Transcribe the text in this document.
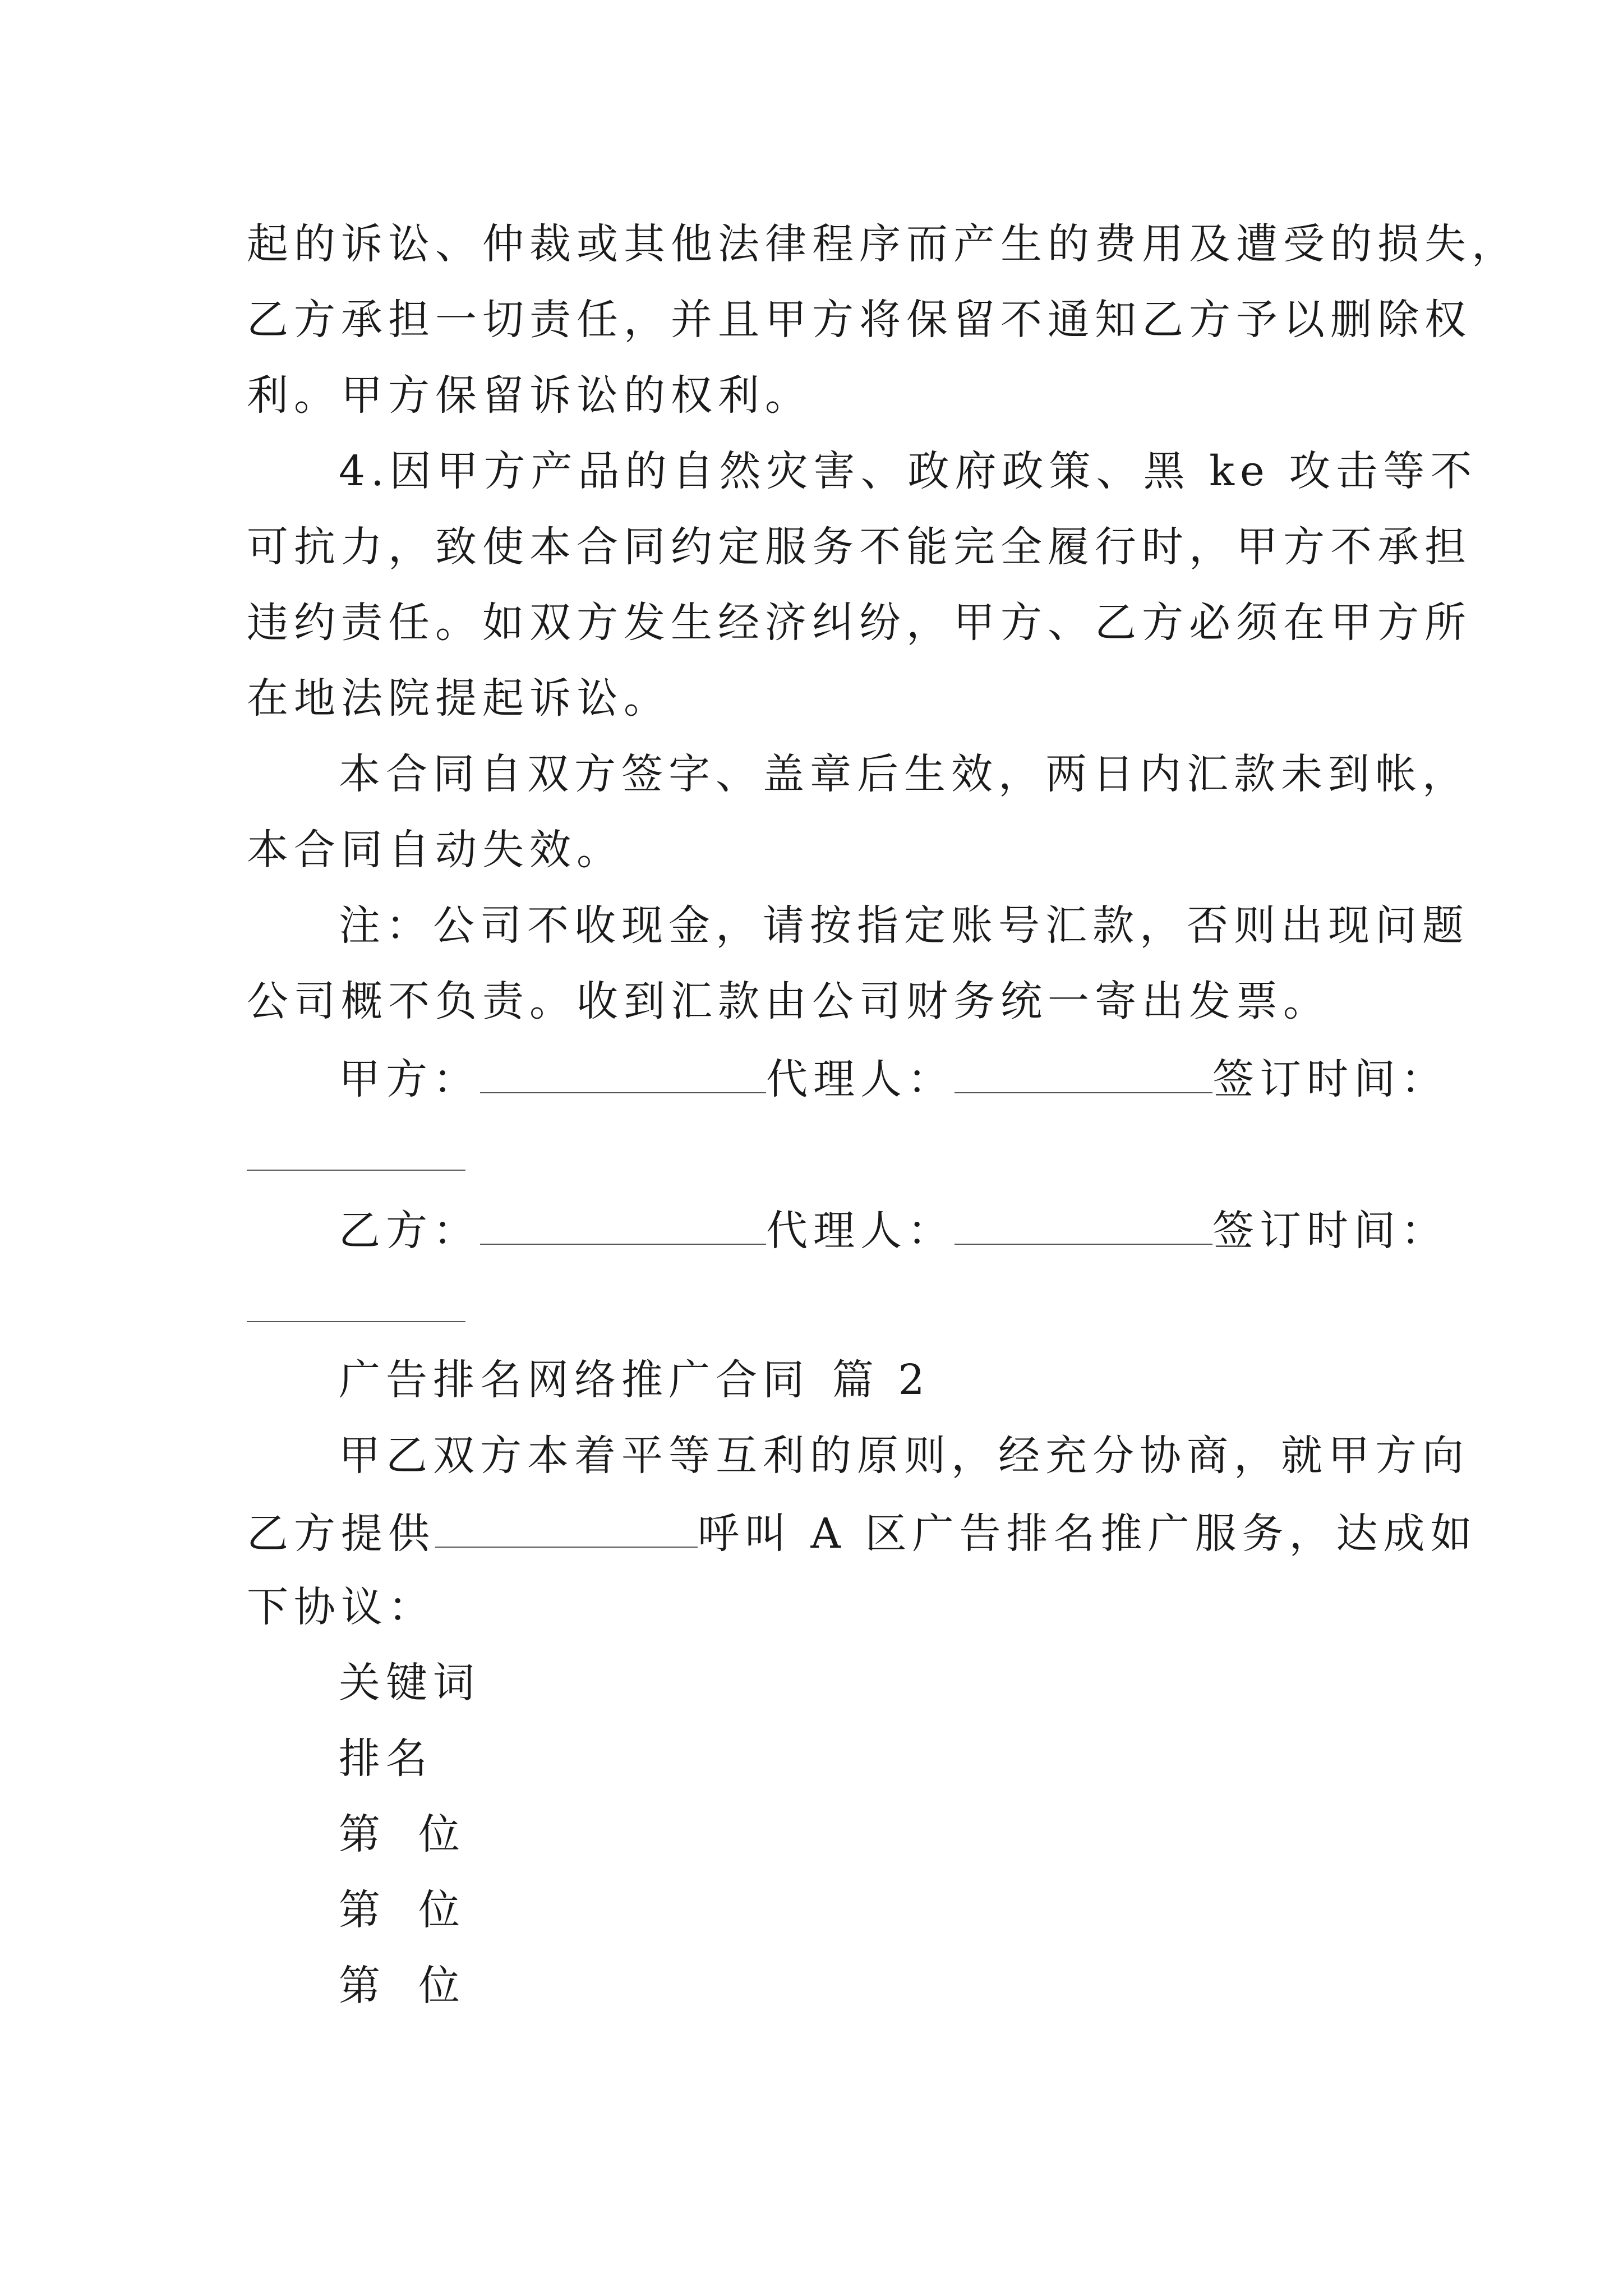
起的诉讼、仲裁或其他法律程序而产生的费用及遭受的损失，
乙方承担一切责任，并且甲方将保留不通知乙方予以删除权
利。甲方保留诉讼的权利。
4.因甲方产品的自然灾害、政府政策、黑 ke 攻击等不
可抗力，致使本合同约定服务不能完全履行时，甲方不承担
违约责任。如双方发生经济纠纷，甲方、乙方必须在甲方所
在地法院提起诉讼。
本合同自双方签字、盖章后生效，两日内汇款未到帐，
本合同自动失效。
注：公司不收现金，请按指定账号汇款，否则出现问题
公司概不负责。收到汇款由公司财务统一寄出发票。
甲方：	代理人：	签订时间：
乙方：	代理人：	签订时间：
广告排名网络推广合同 篇 2
甲乙双方本着平等互利的原则，经充分协商，就甲方向
乙方提供	呼叫 A 区广告排名推广服务，达成如
下协议：
关键词
排名
第 位
第 位
第 位
